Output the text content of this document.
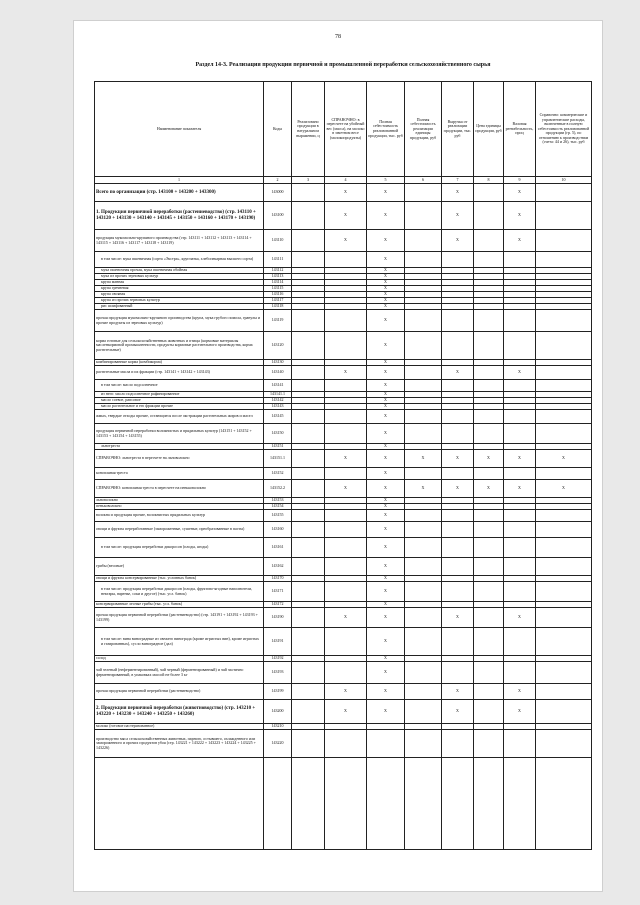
78
Раздел 14-3. Реализация продукции первичной и промышленной переработки сельскохозяйственного сырья
Наименование показателя	Коды	Реализовано продукции в натуральном выражении, ц	СПРАВОЧНО: в пересчете на убойный вес (масса), на молоко в зачетном весе (молокопродукты)	Полная себестоимость реализованной продукции, тыс. руб	Полная себестоимость реализации единицы продукции, руб	Выручка от реализации продукции, тыс. руб	Цена единицы продукции, руб	Валовая рентабельность, проц	Справочно: коммерческие и управленческие расходы, включенные в полную себестоимость реализованной продукции (гр. 5), по отношению к производствам (счета: 44 и 26), тыс. руб	
1	2	3	4	5	6	7	8	9	10	
Всего по организации (стр. 143100 + 143200 + 143300)	143000		X	X		X		X		
1. Продукция первичной переработки (растениеводство) (стр. 143110 + 143120 + 143130 + 143140 + 143145 + 143150 + 143160 + 143170 + 143190)	143100		X	X		X		X		
продукция мукомольно-крупяного производства (стр. 143111 + 143112 + 143113 + 143114 + 143115 + 143116 + 143117 + 143118 + 143119)	143110		X	X		X		X		
в том числе: мука пшеничная (сорта «Экстра», крупчатка, хлебопекарная высшего сорта)	143111			X						
мука пшеничная прочая, мука пшеничная обойная	143112			X						
мука из прочих зерновых культур	143113			X						
крупа манная	143114			X						
крупа гречневая	143115			X						
крупа овсяная	143116			X						
крупа из прочих зерновых культур	143117			X						
рис шлифованный	143118			X						
прочая продукция мукомольно-крупяного производства (крупа, мука грубого помола, гранулы и прочие продукты из зерновых культур)	143119			X						
корма готовые для сельскохозяйственных животных и птицы (кормовые материалы масленкормовой промышленности, продукты кормовые растительного производства, корма растительные)	143120			X						
комбинированные корма (комбикорма)	143130			X						
растительные масла и их фракции (стр. 143141 + 143142 + 143143)	143140		X	X		X		X		
в том числе: масло подсолнечное	143141			X						
из него: масло подсолнечное рафинированное	143141.1			X						
масло соевое, рапсовое	143142			X						
масло растительное и его фракции прочие	143143			X						
жмых, твердые отходы прочие, остающиеся после экстракции растительных жиров и масел	143145			X						
продукция первичной переработки волокнистых и прядильных культур (143151 + 143152 + 143153 + 143154 + 143155)	143150			X						
льнотреста	143151			X						
СПРАВОЧНО: льнотреста в пересчете на льноволокно	143151.1		X	X	X	X	X	X	X	
конопляная треста	143152			X						
СПРАВОЧНО: конопляная треста в пересчете на пеньковолокно	143152.2		X	X	X	X	X	X	X	
льноволокно	143153			X						
пеньковолокно	143154			X						
волокна и продукция прочие, волокнистых прядильных культур	143155			X						
овощи и фрукты переработанные (замороженные, сушеные, преобразованные в пасты)	143160			X						
в том числе: продукция переработки дикоросов (плоды, ягоды)	143161			X						
грибы (весовые)	143162			X						
овощи и фрукты консервированные (тыс. условных банок)	143170			X						
в том числе: продукция переработки дикоросов (плоды, фруктово-ягодные наполнители, нектары, варенье, соки и другое) (тыс. усл. банок)	143171			X						
консервированные лесные грибы (тыс. усл. банок)	143172			X						
прочая продукция первичной переработки (растениеводство) (стр. 143191 + 143192 + 143193 + 143199)	143190		X	X		X		X		
в том числе: вина виноградные из свежего винограда (кроме игристых вин), кроме игристых и газированных), сусло виноградное (дал)	143191			X						
солод	143192			X						
чай зеленый (неферментированный), чай черный (ферментированный) и чай частично ферментированный, в упаковках массой не более 3 кг	143193			X						
прочая продукция первичной переработки (растениеводство)	143199		X	X		X		X		
2. Продукция первичной переработки (животноводство) (стр. 143210 + 143220 + 143230 + 143240 + 143250 + 143260)	143200		X	X		X		X		
молоко (готовое пастеризованное)	143210									
производство мяса сельскохозяйственных животных, парного, остывшего, охлажденного или замороженного и прочих продуктов убоя (стр. 143221 + 143222 + 143223 + 143224 + 143225 + 143226)	143220									
